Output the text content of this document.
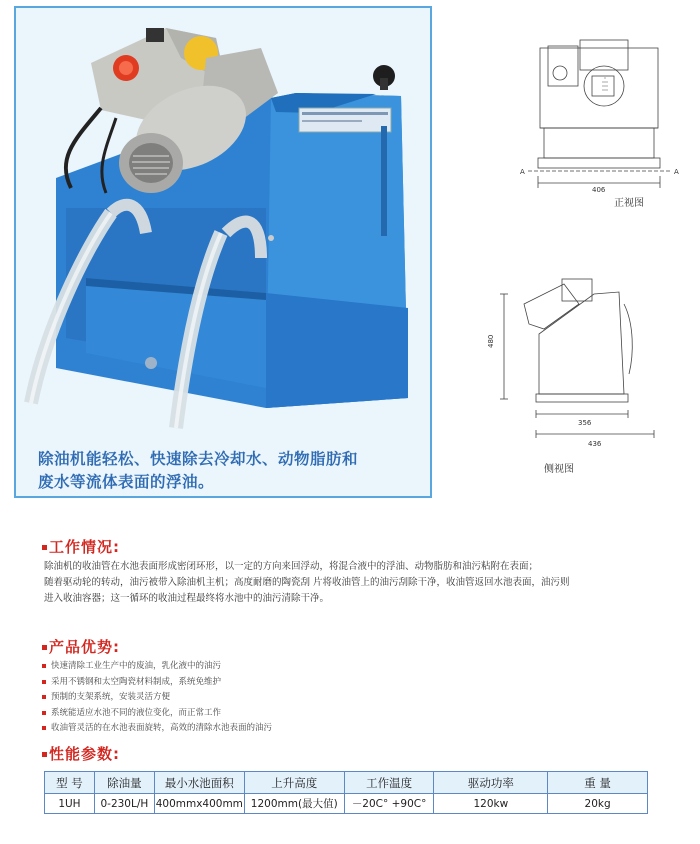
除油机能轻松、快速除去冷却水、动物脂肪和
废水等流体表面的浮油。
406
A	A
正视图
480
356
436
侧视图
工作情况:

除油机的收油管在水池表面形成密闭环形，以一定的方向来回浮动，将混合液中的浮油、动物脂肪和油污粘附在表面；

随着驱动轮的转动，油污被带入除油机主机；高度耐磨的陶瓷刮 片将收油管上的油污刮除干净，收油管返回水池表面，油污则

进入收油容器；这一循环的收油过程最终将水池中的油污清除干净。

产品优势:
快速清除工业生产中的废油，乳化液中的油污
采用不锈钢和太空陶瓷材料制成，系统免维护
预制的支架系统，安装灵活方便
系统能适应水池不同的液位变化，而正常工作
收油管灵活的在水池表面旋转，高效的清除水池表面的油污
性能参数:
型 号	除油量	最小水池面积	上升高度	工作温度	驱动功率	重 量
1UH	0-230L/H	400mmx400mm	1200mm(最大值)	－20C° +90C°	120kw	20kg
